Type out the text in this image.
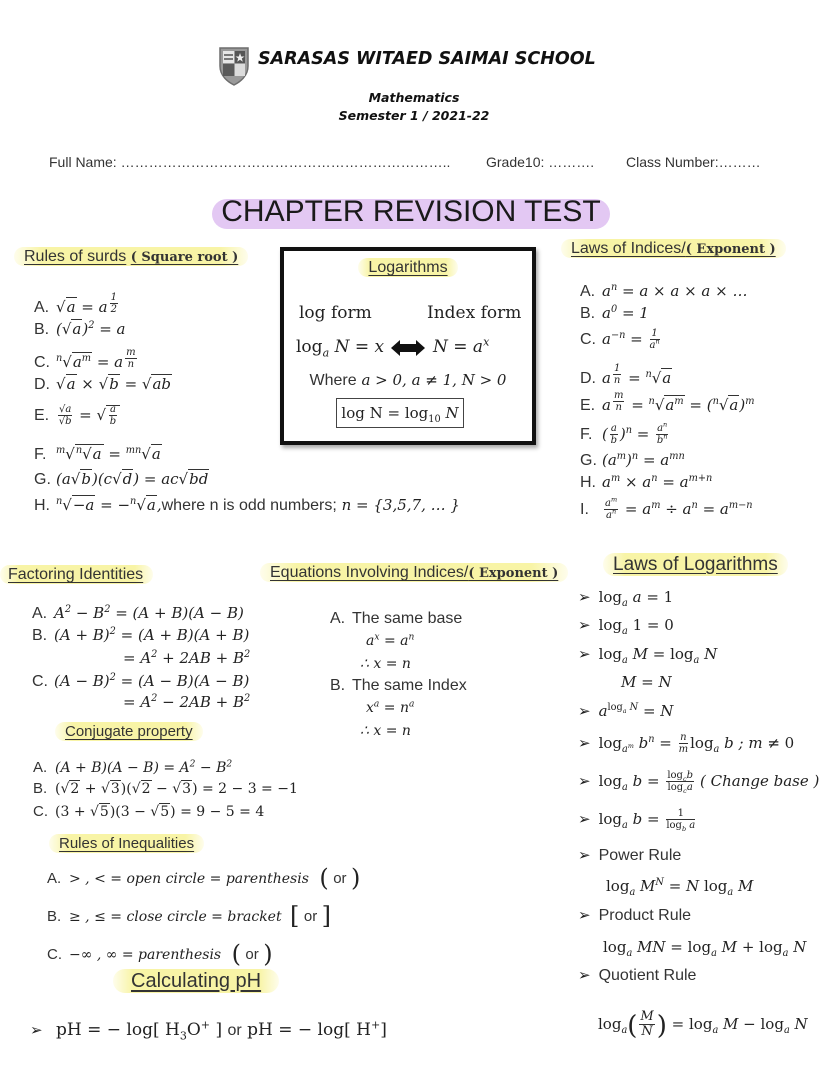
SARASAS WITAED SAIMAI SCHOOL
Mathematics
Semester 1 / 2021-22
Full Name: ……………………………………………………………..	Grade10: ………. Class Number:………
CHAPTER REVISION TEST
Rules of surds ( Square root )
A. √a = a $^{\frac{1}{2}}$
B. $(√a)^2 = a$
C. $^n√a^m = a$ $^{\frac{m}{n}}$
D. √a × √b = √ab
E. $\frac{√a}{√b}$ = √ $\frac{a}{b}$
F. $^m$√$^n$√a = $^{mn}$√a
G. (a√b)(c√d) = ac√bd
H. $^n$√−a = −$^n$√a,where n is odd numbers; n = {3,5,7, … }
Logarithms
log form	Index form
$\log_a N = x$	$N = a^x$
Where a > 0, a ≠ 1, N > 0
$\log N = \log_{10} N$
Laws of Indices/( Exponent )
A. $a^n = a \times a \times a$ × …
B. $a^0 = 1$
C. $a^{-n} = \frac{1}{a^n}$
D. a $^{\frac{1}{n}}$ = $^n$√a
E. a $^{\frac{m}{n}} = ^n√a^m = (^n√a)^m$
F. ( $\frac{a}{b} )^n = \frac{a^n}{b^n}$
G. $(a^m)^n = a^{mn}$
H. $a^m \times a^n = a^{m+n}$
I. $\frac{a^m}{a^n} = a^m \div a^n = a^{m-n}$
Factoring Identities
A. $A^2 - B^2 = (A + B)(A - B)$
B. $(A + B)^2 = (A + B)(A + B)$
= $A^2 + 2AB + B^2$
C. $(A - B)^2 = (A - B)(A - B)$
= $A^2 - 2AB + B^2$
Equations Involving Indices/( Exponent )
A. The same base
$a^x = a^n$
∴ x = n
B. The same Index
$x^a = n^a$
∴ x = n
Conjugate property
A. $(A + B)(A - B) = A^2 - B^2$
B. (√2 + √3)(√2 − √3) = 2 − 3 = −1
C. (3 + √5)(3 − √5) = 9 − 5 = 4
Rules of Inequalities
A. > , < = open circle = parenthesis ( or )
B. ≥ , ≤ = close circle = bracket [ or ]
C. −∞ , ∞ = parenthesis ( or )
Calculating pH
➢ pH = − log[ $H_3O^+$ ] or pH = − log[ H+]
Laws of Logarithms
➢ $\log_a a = 1$
➢ $\log_a 1 = 0$
➢ $\log_a M = \log_a N$
M = N
➢ $a^{log_a N} = N$
➢ $\log_{a^m} b^n = \frac{n}{m} \log_a b$ ; m ≠ 0
➢ $\log_a b = \frac{\log_cb}{\log_ca}$ ( Change base )
➢ $\log_a b = \frac{1}{\log_b a}$
➢ Power Rule
$\log_a M^N = N$ $\log_a M$
➢ Product Rule
$\log_a$ MN = $\log_a M + \log_a N$
➢ Quotient Rule
$\log_a( \frac{M}{N}$ ) = $\log_a M - \log_a N$
